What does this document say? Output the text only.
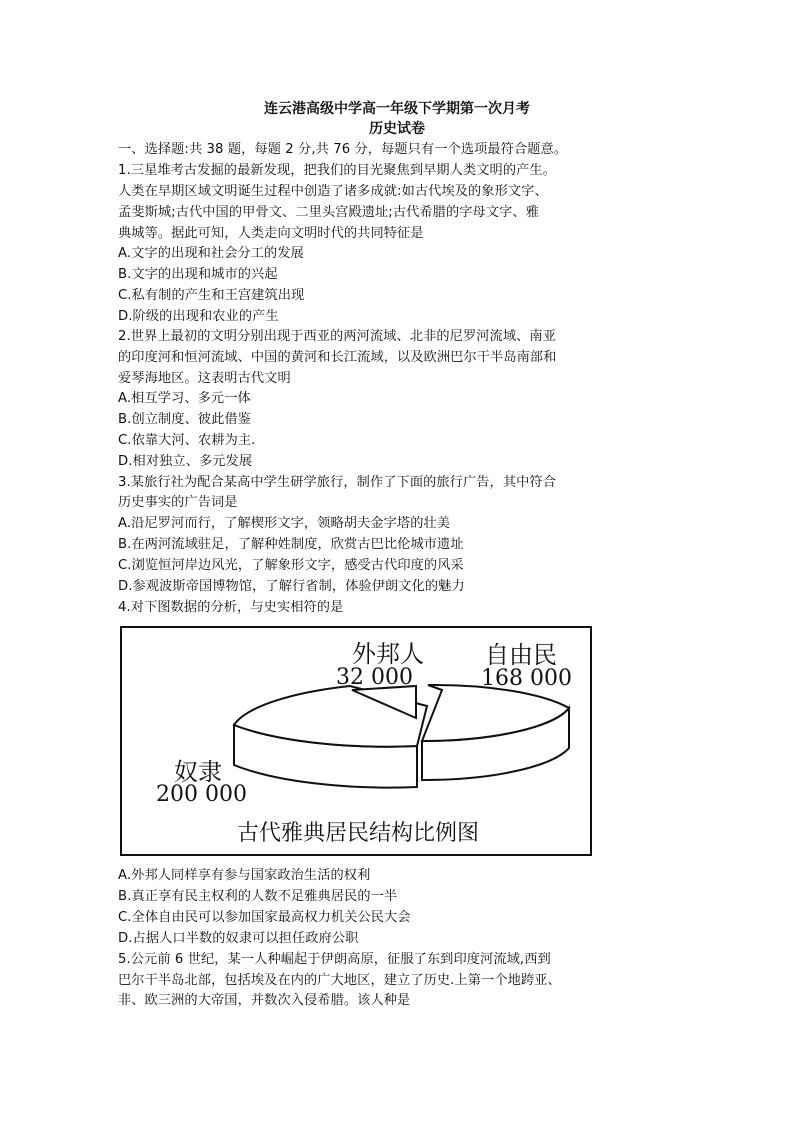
连云港高级中学高一年级下学期第一次月考
历史试卷
一、选择题:共 38 题，每题 2 分,共 76 分，每题只有一个选项最符合题意。
1.三星堆考古发掘的最新发现，把我们的目光聚焦到早期人类文明的产生。
人类在早期区域文明诞生过程中创造了诸多成就:如古代埃及的象形文字、
孟斐斯城;古代中国的甲骨文、二里头宫殿遗址;古代希腊的字母文字、雅
典城等。据此可知，人类走向文明时代的共同特征是
A.文字的出现和社会分工的发展
B.文字的出现和城市的兴起
C.私有制的产生和王宫建筑出现
D.阶级的出现和农业的产生
2.世界上最初的文明分别出现于西亚的两河流域、北非的尼罗河流域、南亚
的印度河和恒河流域、中国的黄河和长江流域，以及欧洲巴尔干半岛南部和
爱琴海地区。这表明古代文明
A.相互学习、多元一体
B.创立制度、彼此借鉴
C.依靠大河、农耕为主.
D.相对独立、多元发展
3.某旅行社为配合某高中学生研学旅行，制作了下面的旅行广告，其中符合
历史事实的广告词是
A.沿尼罗河而行，了解楔形文字，领略胡夫金字塔的壮美
B.在两河流域驻足，了解种姓制度，欣赏古巴比伦城市遗址
C.浏览恒河岸边风光，了解象形文字，感受古代印度的风采
D.参观波斯帝国博物馆，了解行省制，体验伊朗文化的魅力
4.对下图数据的分析，与史实相符的是
外邦人
32 000
自由民
168 000
奴隶
200 000
古代雅典居民结构比例图
A.外邦人同样享有参与国家政治生活的权利
B.真正享有民主权利的人数不足雅典居民的一半
C.全体自由民可以参加国家最高权力机关公民大会
D.占据人口半数的奴隶可以担任政府公职
5.公元前 6 世纪，某一人种崛起于伊朗高原，征服了东到印度河流域,西到
巴尔干半岛北部，包括埃及在内的广大地区，建立了历史.上第一个地跨亚、
非、欧三洲的大帝国，并数次入侵希腊。该人种是
